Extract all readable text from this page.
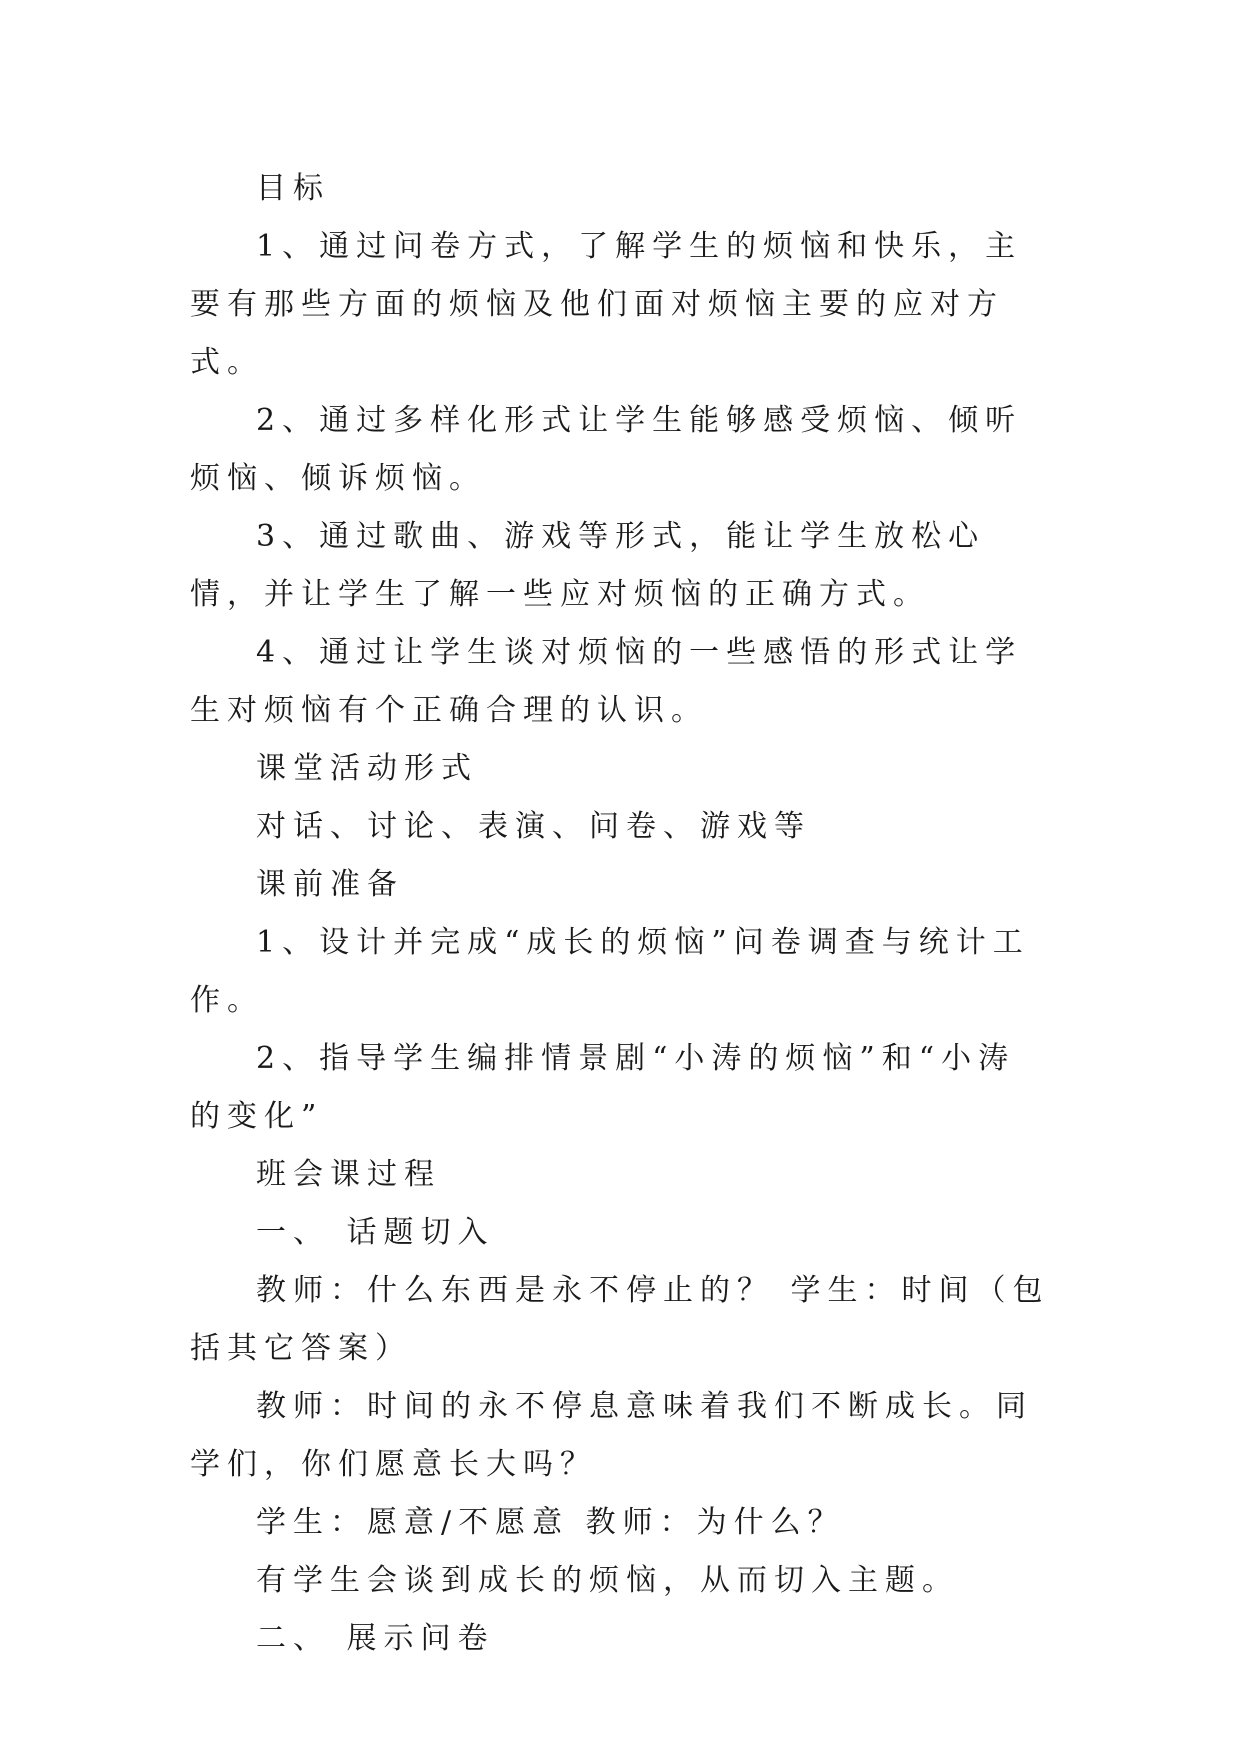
目标

1、通过问卷方式，了解学生的烦恼和快乐，主要有那些方面的烦恼及他们面对烦恼主要的应对方式。

2、通过多样化形式让学生能够感受烦恼、倾听烦恼、倾诉烦恼。

3、通过歌曲、游戏等形式，能让学生放松心情，并让学生了解一些应对烦恼的正确方式。

4、通过让学生谈对烦恼的一些感悟的形式让学生对烦恼有个正确合理的认识。

课堂活动形式

对话、讨论、表演、问卷、游戏等

课前准备

1、设计并完成“成长的烦恼”问卷调查与统计工作。

2、指导学生编排情景剧“小涛的烦恼”和“小涛的变化”

班会课过程

一、 话题切入

教师：什么东西是永不停止的？ 学生：时间（包括其它答案）

教师：时间的永不停息意味着我们不断成长。同学们，你们愿意长大吗？

学生：愿意/不愿意 教师：为什么？

有学生会谈到成长的烦恼，从而切入主题。

二、 展示问卷
